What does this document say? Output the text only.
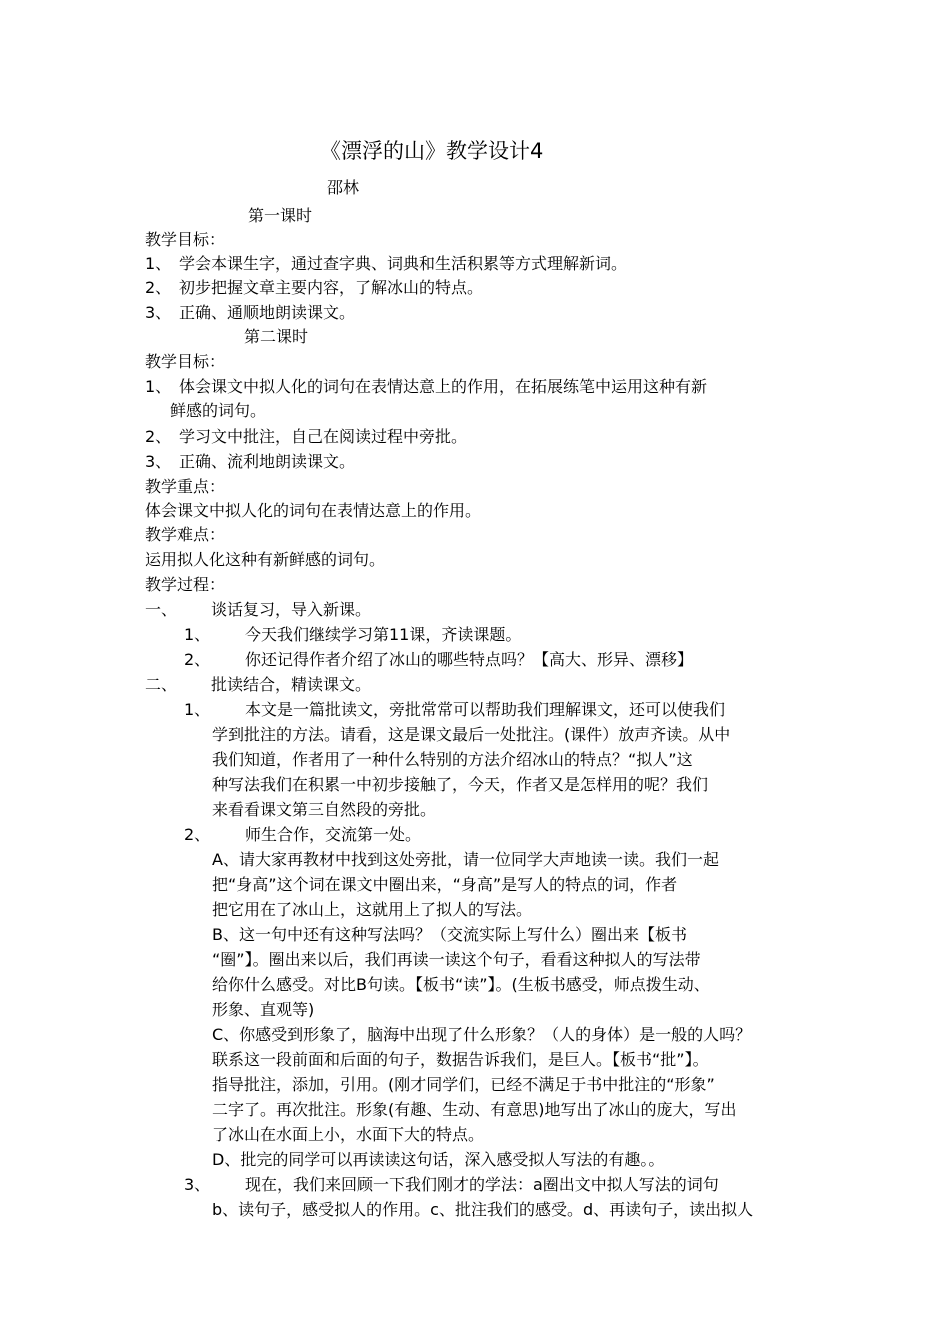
《漂浮的山》教学设计4
邵林
第一课时
教学目标：
1、 学会本课生字，通过查字典、词典和生活积累等方式理解新词。
2、 初步把握文章主要内容，了解冰山的特点。
3、 正确、通顺地朗读课文。
第二课时
教学目标：
1、 体会课文中拟人化的词句在表情达意上的作用，在拓展练笔中运用这种有新
鲜感的词句。
2、 学习文中批注，自己在阅读过程中旁批。
3、 正确、流利地朗读课文。
教学重点：
体会课文中拟人化的词句在表情达意上的作用。
教学难点：
运用拟人化这种有新鲜感的词句。
教学过程：
一、 谈话复习，导入新课。
1、 今天我们继续学习第11课，齐读课题。
2、 你还记得作者介绍了冰山的哪些特点吗？【高大、形异、漂移】
二、 批读结合，精读课文。
1、 本文是一篇批读文，旁批常常可以帮助我们理解课文，还可以使我们
学到批注的方法。请看，这是课文最后一处批注。(课件）放声齐读。从中
我们知道，作者用了一种什么特别的方法介绍冰山的特点？“拟人”这
种写法我们在积累一中初步接触了，今天，作者又是怎样用的呢？我们
来看看课文第三自然段的旁批。
2、 师生合作，交流第一处。
A、请大家再教材中找到这处旁批，请一位同学大声地读一读。我们一起
把“身高”这个词在课文中圈出来，“身高”是写人的特点的词，作者
把它用在了冰山上，这就用上了拟人的写法。
B、这一句中还有这种写法吗？（交流实际上写什么）圈出来【板书
“圈”】。圈出来以后，我们再读一读这个句子，看看这种拟人的写法带
给你什么感受。对比B句读。【板书“读”】。(生板书感受，师点拨生动、
形象、直观等)
C、你感受到形象了，脑海中出现了什么形象？（人的身体）是一般的人吗？
联系这一段前面和后面的句子，数据告诉我们，是巨人。【板书“批”】。
指导批注，添加，引用。(刚才同学们，已经不满足于书中批注的“形象”
二字了。再次批注。形象(有趣、生动、有意思)地写出了冰山的庞大，写出
了冰山在水面上小，水面下大的特点。
D、批完的同学可以再读读这句话，深入感受拟人写法的有趣。。
3、 现在，我们来回顾一下我们刚才的学法：a圈出文中拟人写法的词句
b、读句子，感受拟人的作用。c、批注我们的感受。d、再读句子，读出拟人
